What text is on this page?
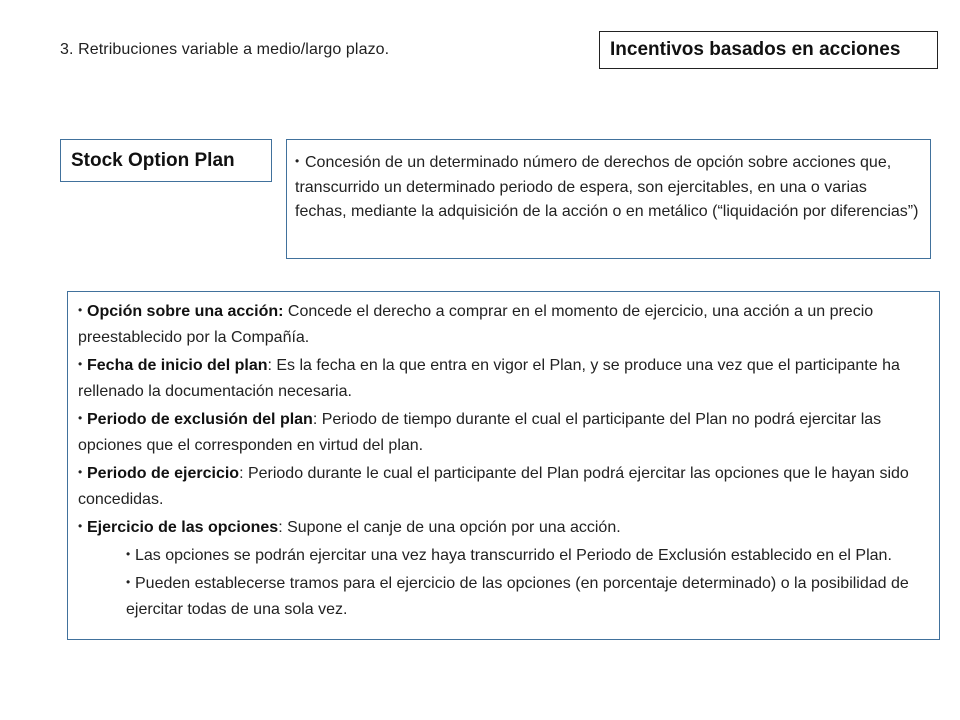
3. Retribuciones variable a medio/largo plazo.	Incentivos basados en acciones
Stock Option Plan	• Concesión de un determinado número de derechos de opción sobre acciones que, transcurrido un determinado periodo de espera, son ejercitables, en una o varias fechas, mediante la adquisición de la acción o en metálico (“liquidación por diferencias”)
• Opción sobre una acción: Concede el derecho a comprar en el momento de ejercicio, una acción a un precio preestablecido por la Compañía.
• Fecha de inicio del plan: Es la fecha en la que entra en vigor el Plan, y se produce una vez que el participante ha rellenado la documentación necesaria.
• Periodo de exclusión del plan: Periodo de tiempo durante el cual el participante del Plan no podrá ejercitar las opciones que el corresponden en virtud del plan.
• Periodo de ejercicio: Periodo durante le cual el participante del Plan podrá ejercitar las opciones que le hayan sido concedidas.
• Ejercicio de las opciones: Supone el canje de una opción por una acción.
• Las opciones se podrán ejercitar una vez haya transcurrido el Periodo de Exclusión establecido en el Plan.
• Pueden establecerse tramos para el ejercicio de las opciones (en porcentaje determinado) o la posibilidad de ejercitar todas de una sola vez.
